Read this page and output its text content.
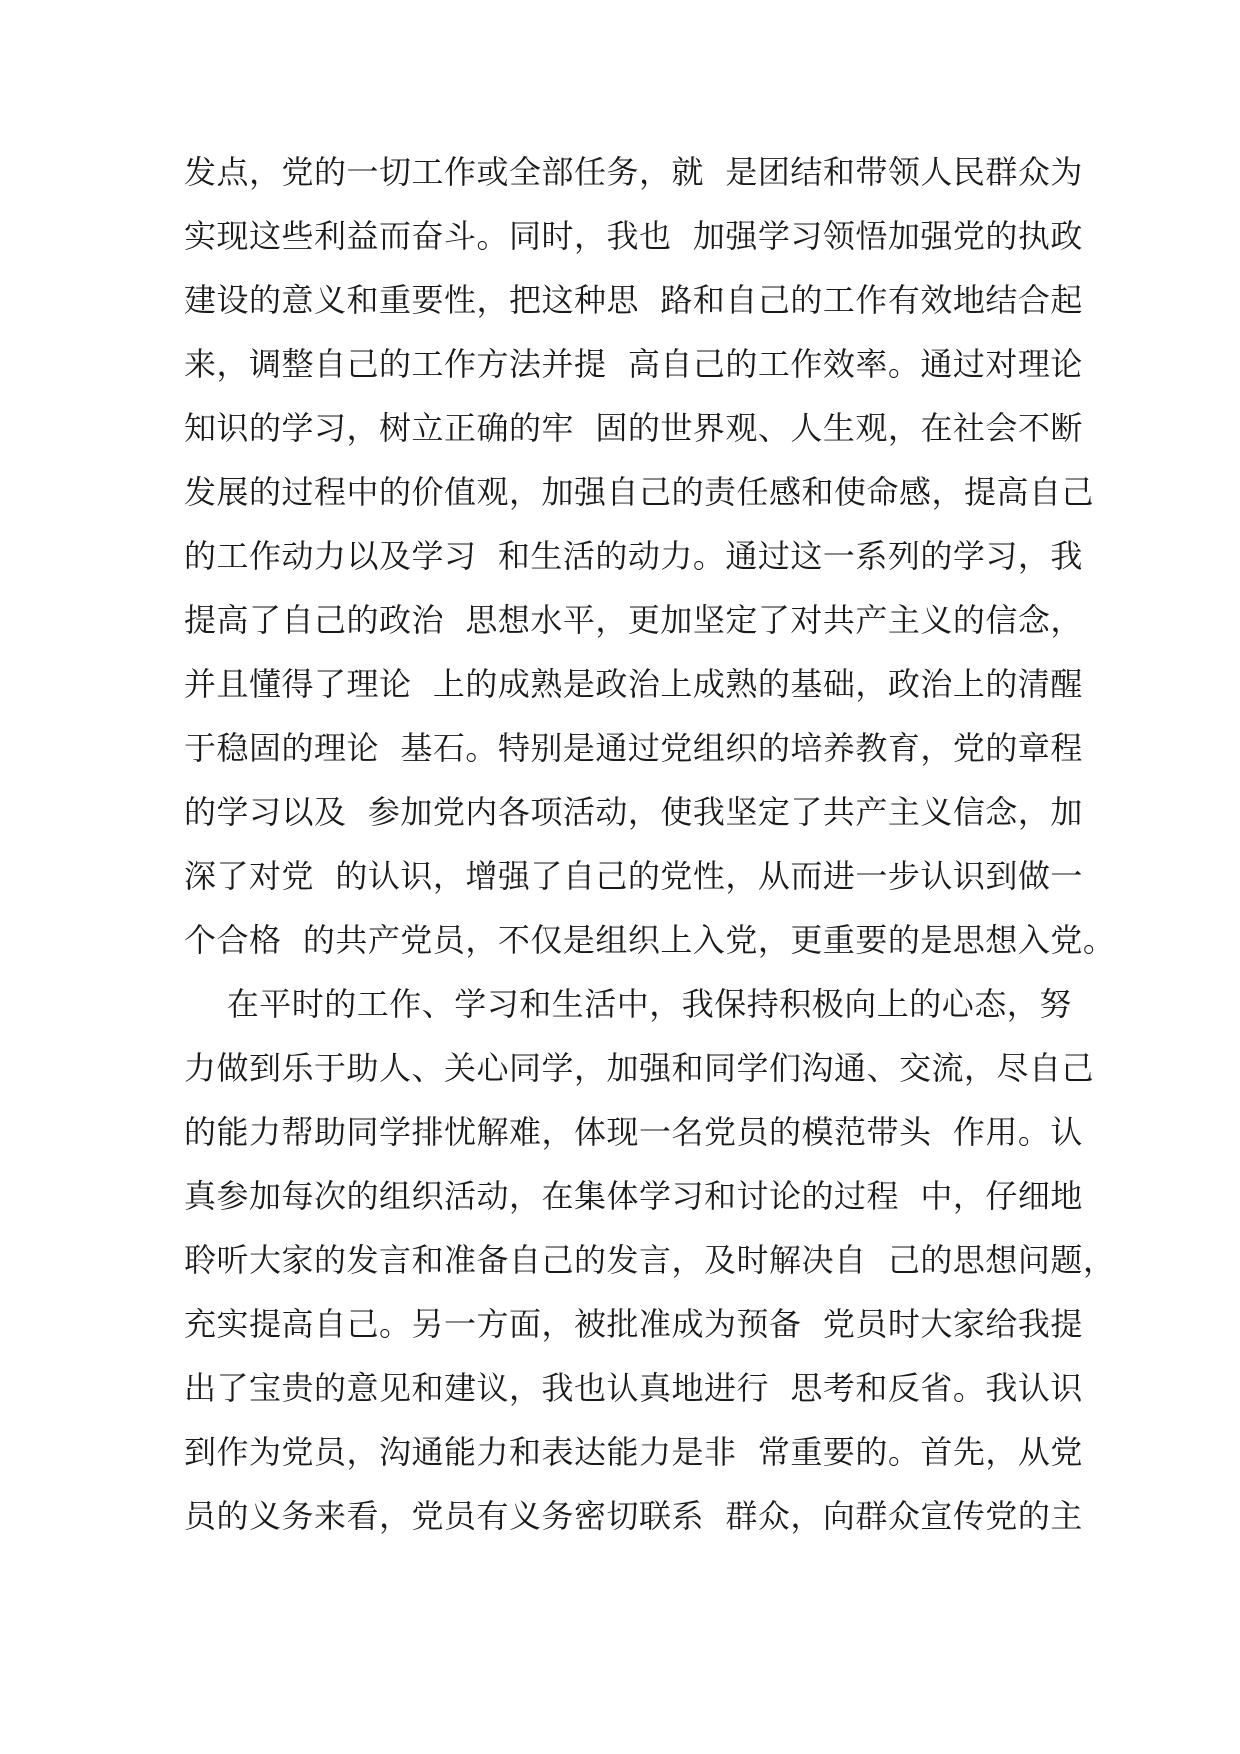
发点，党的一切工作或全部任务，就  是团结和带领人民群众为
实现这些利益而奋斗。同时，我也  加强学习领悟加强党的执政
建设的意义和重要性，把这种思  路和自己的工作有效地结合起
来，调整自己的工作方法并提  高自己的工作效率。通过对理论
知识的学习，树立正确的牢  固的世界观、人生观，在社会不断
发展的过程中的价值观，加强自己的责任感和使命感，提高自己
的工作动力以及学习  和生活的动力。通过这一系列的学习，我
提高了自己的政治  思想水平，更加坚定了对共产主义的信念，
并且懂得了理论  上的成熟是政治上成熟的基础，政治上的清醒
于稳固的理论  基石。特别是通过党组织的培养教育，党的章程
的学习以及  参加党内各项活动，使我坚定了共产主义信念，加
深了对党  的认识，增强了自己的党性，从而进一步认识到做一
个合格  的共产党员，不仅是组织上入党，更重要的是思想入党。
在平时的工作、学习和生活中，我保持积极向上的心态，努
力做到乐于助人、关心同学，加强和同学们沟通、交流，尽自己
的能力帮助同学排忧解难，体现一名党员的模范带头  作用。认
真参加每次的组织活动，在集体学习和讨论的过程  中，仔细地
聆听大家的发言和准备自己的发言，及时解决自  己的思想问题，
充实提高自己。另一方面，被批准成为预备  党员时大家给我提
出了宝贵的意见和建议，我也认真地进行  思考和反省。我认识
到作为党员，沟通能力和表达能力是非  常重要的。首先，从党
员的义务来看，党员有义务密切联系  群众，向群众宣传党的主
